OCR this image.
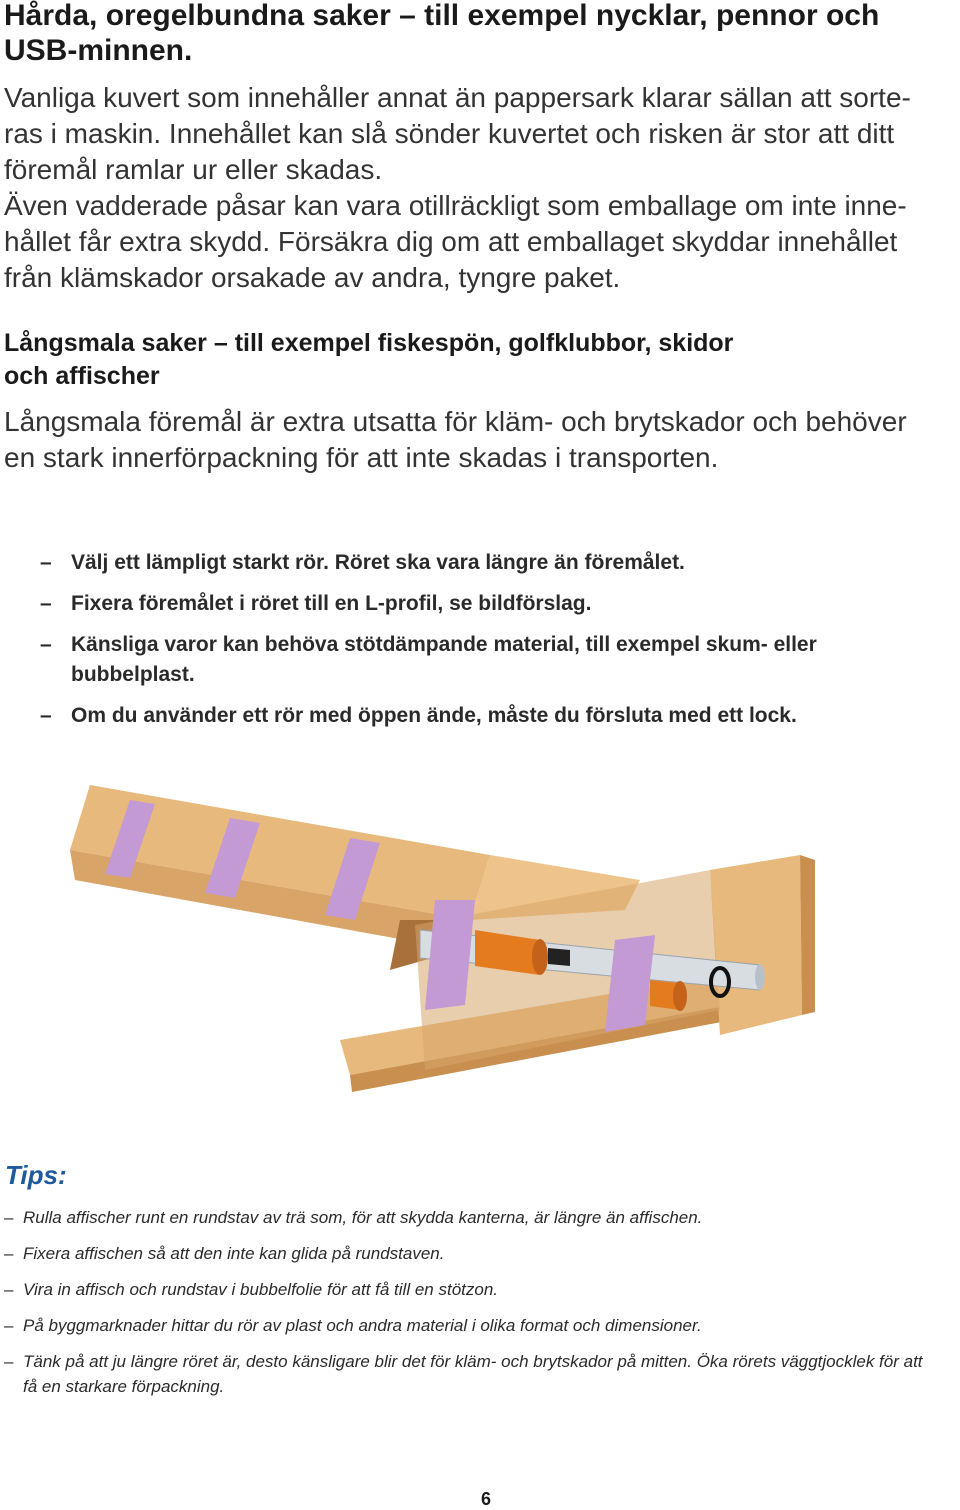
Hårda, oregelbundna saker – till exempel nycklar, pennor och
USB-minnen.

Vanliga kuvert som innehåller annat än pappersark klarar sällan att sorte-
ras i maskin. Innehållet kan slå sönder kuvertet och risken är stor att ditt
föremål ramlar ur eller skadas.
Även vadderade påsar kan vara otillräckligt som emballage om inte inne-
hållet får extra skydd. Försäkra dig om att emballaget skyddar innehållet
från klämskador orsakade av andra, tyngre paket.

Långsmala saker – till exempel fiskespön, golfklubbor, skidor
och affischer

Långsmala föremål är extra utsatta för kläm- och brytskador och behöver
en stark innerförpackning för att inte skadas i transporten.

– Välj ett lämpligt starkt rör. Röret ska vara längre än föremålet.
– Fixera föremålet i röret till en L-profil, se bildförslag.
– Känsliga varor kan behöva stötdämpande material, till exempel skum- eller bubbelplast.
– Om du använder ett rör med öppen ände, måste du försluta med ett lock.
Tips:
– Rulla affischer runt en rundstav av trä som, för att skydda kanterna, är längre än affischen.
– Fixera affischen så att den inte kan glida på rundstaven.
– Vira in affisch och rundstav i bubbelfolie för att få till en stötzon.
– På byggmarknader hittar du rör av plast och andra material i olika format och dimensioner.
– Tänk på att ju längre röret är, desto känsligare blir det för kläm- och brytskador på mitten. Öka rörets väggtjocklek för att få en starkare förpackning.

6
